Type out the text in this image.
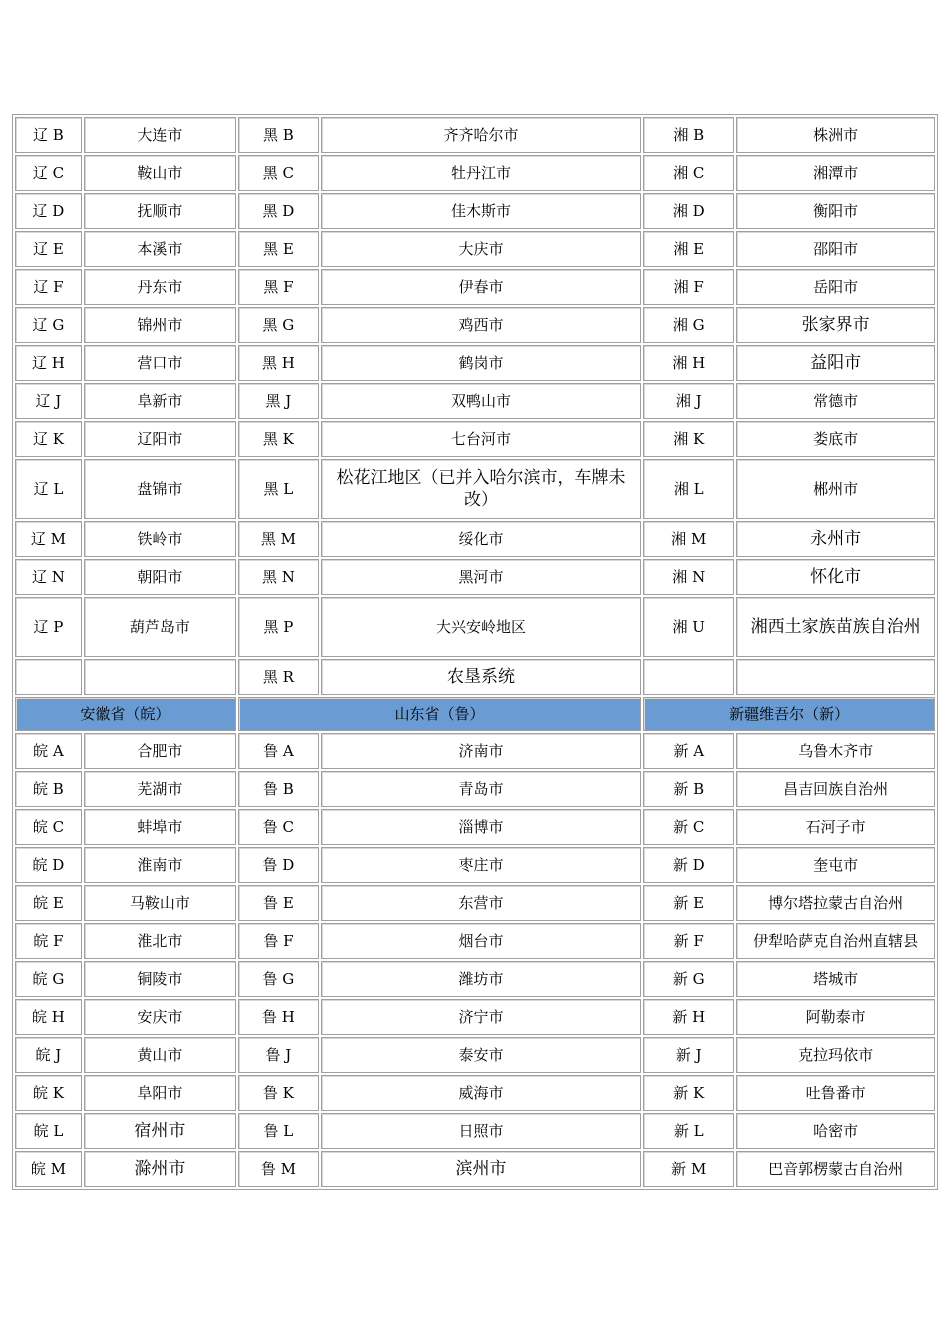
辽 B	大连市	黑 B	齐齐哈尔市	湘 B	株洲市
辽 C	鞍山市	黑 C	牡丹江市	湘 C	湘潭市
辽 D	抚顺市	黑 D	佳木斯市	湘 D	衡阳市
辽 E	本溪市	黑 E	大庆市	湘 E	邵阳市
辽 F	丹东市	黑 F	伊春市	湘 F	岳阳市
辽 G	锦州市	黑 G	鸡西市	湘 G	张家界市
辽 H	营口市	黑 H	鹤岗市	湘 H	益阳市
辽 J	阜新市	黑 J	双鸭山市	湘 J	常德市
辽 K	辽阳市	黑 K	七台河市	湘 K	娄底市
辽 L	盘锦市	黑 L	松花江地区（已并入哈尔滨市，车牌未改）	湘 L	郴州市
辽 M	铁岭市	黑 M	绥化市	湘 M	永州市
辽 N	朝阳市	黑 N	黑河市	湘 N	怀化市
辽 P	葫芦岛市	黑 P	大兴安岭地区	湘 U	湘西土家族苗族自治州
		黑 R	农垦系统		
安徽省（皖）		山东省（鲁）		新疆维吾尔（新）	
皖 A	合肥市	鲁 A	济南市	新 A	乌鲁木齐市
皖 B	芜湖市	鲁 B	青岛市	新 B	昌吉回族自治州
皖 C	蚌埠市	鲁 C	淄博市	新 C	石河子市
皖 D	淮南市	鲁 D	枣庄市	新 D	奎屯市
皖 E	马鞍山市	鲁 E	东营市	新 E	博尔塔拉蒙古自治州
皖 F	淮北市	鲁 F	烟台市	新 F	伊犁哈萨克自治州直辖县
皖 G	铜陵市	鲁 G	潍坊市	新 G	塔城市
皖 H	安庆市	鲁 H	济宁市	新 H	阿勒泰市
皖 J	黄山市	鲁 J	泰安市	新 J	克拉玛依市
皖 K	阜阳市	鲁 K	威海市	新 K	吐鲁番市
皖 L	宿州市	鲁 L	日照市	新 L	哈密市
皖 M	滁州市	鲁 M	滨州市	新 M	巴音郭楞蒙古自治州
